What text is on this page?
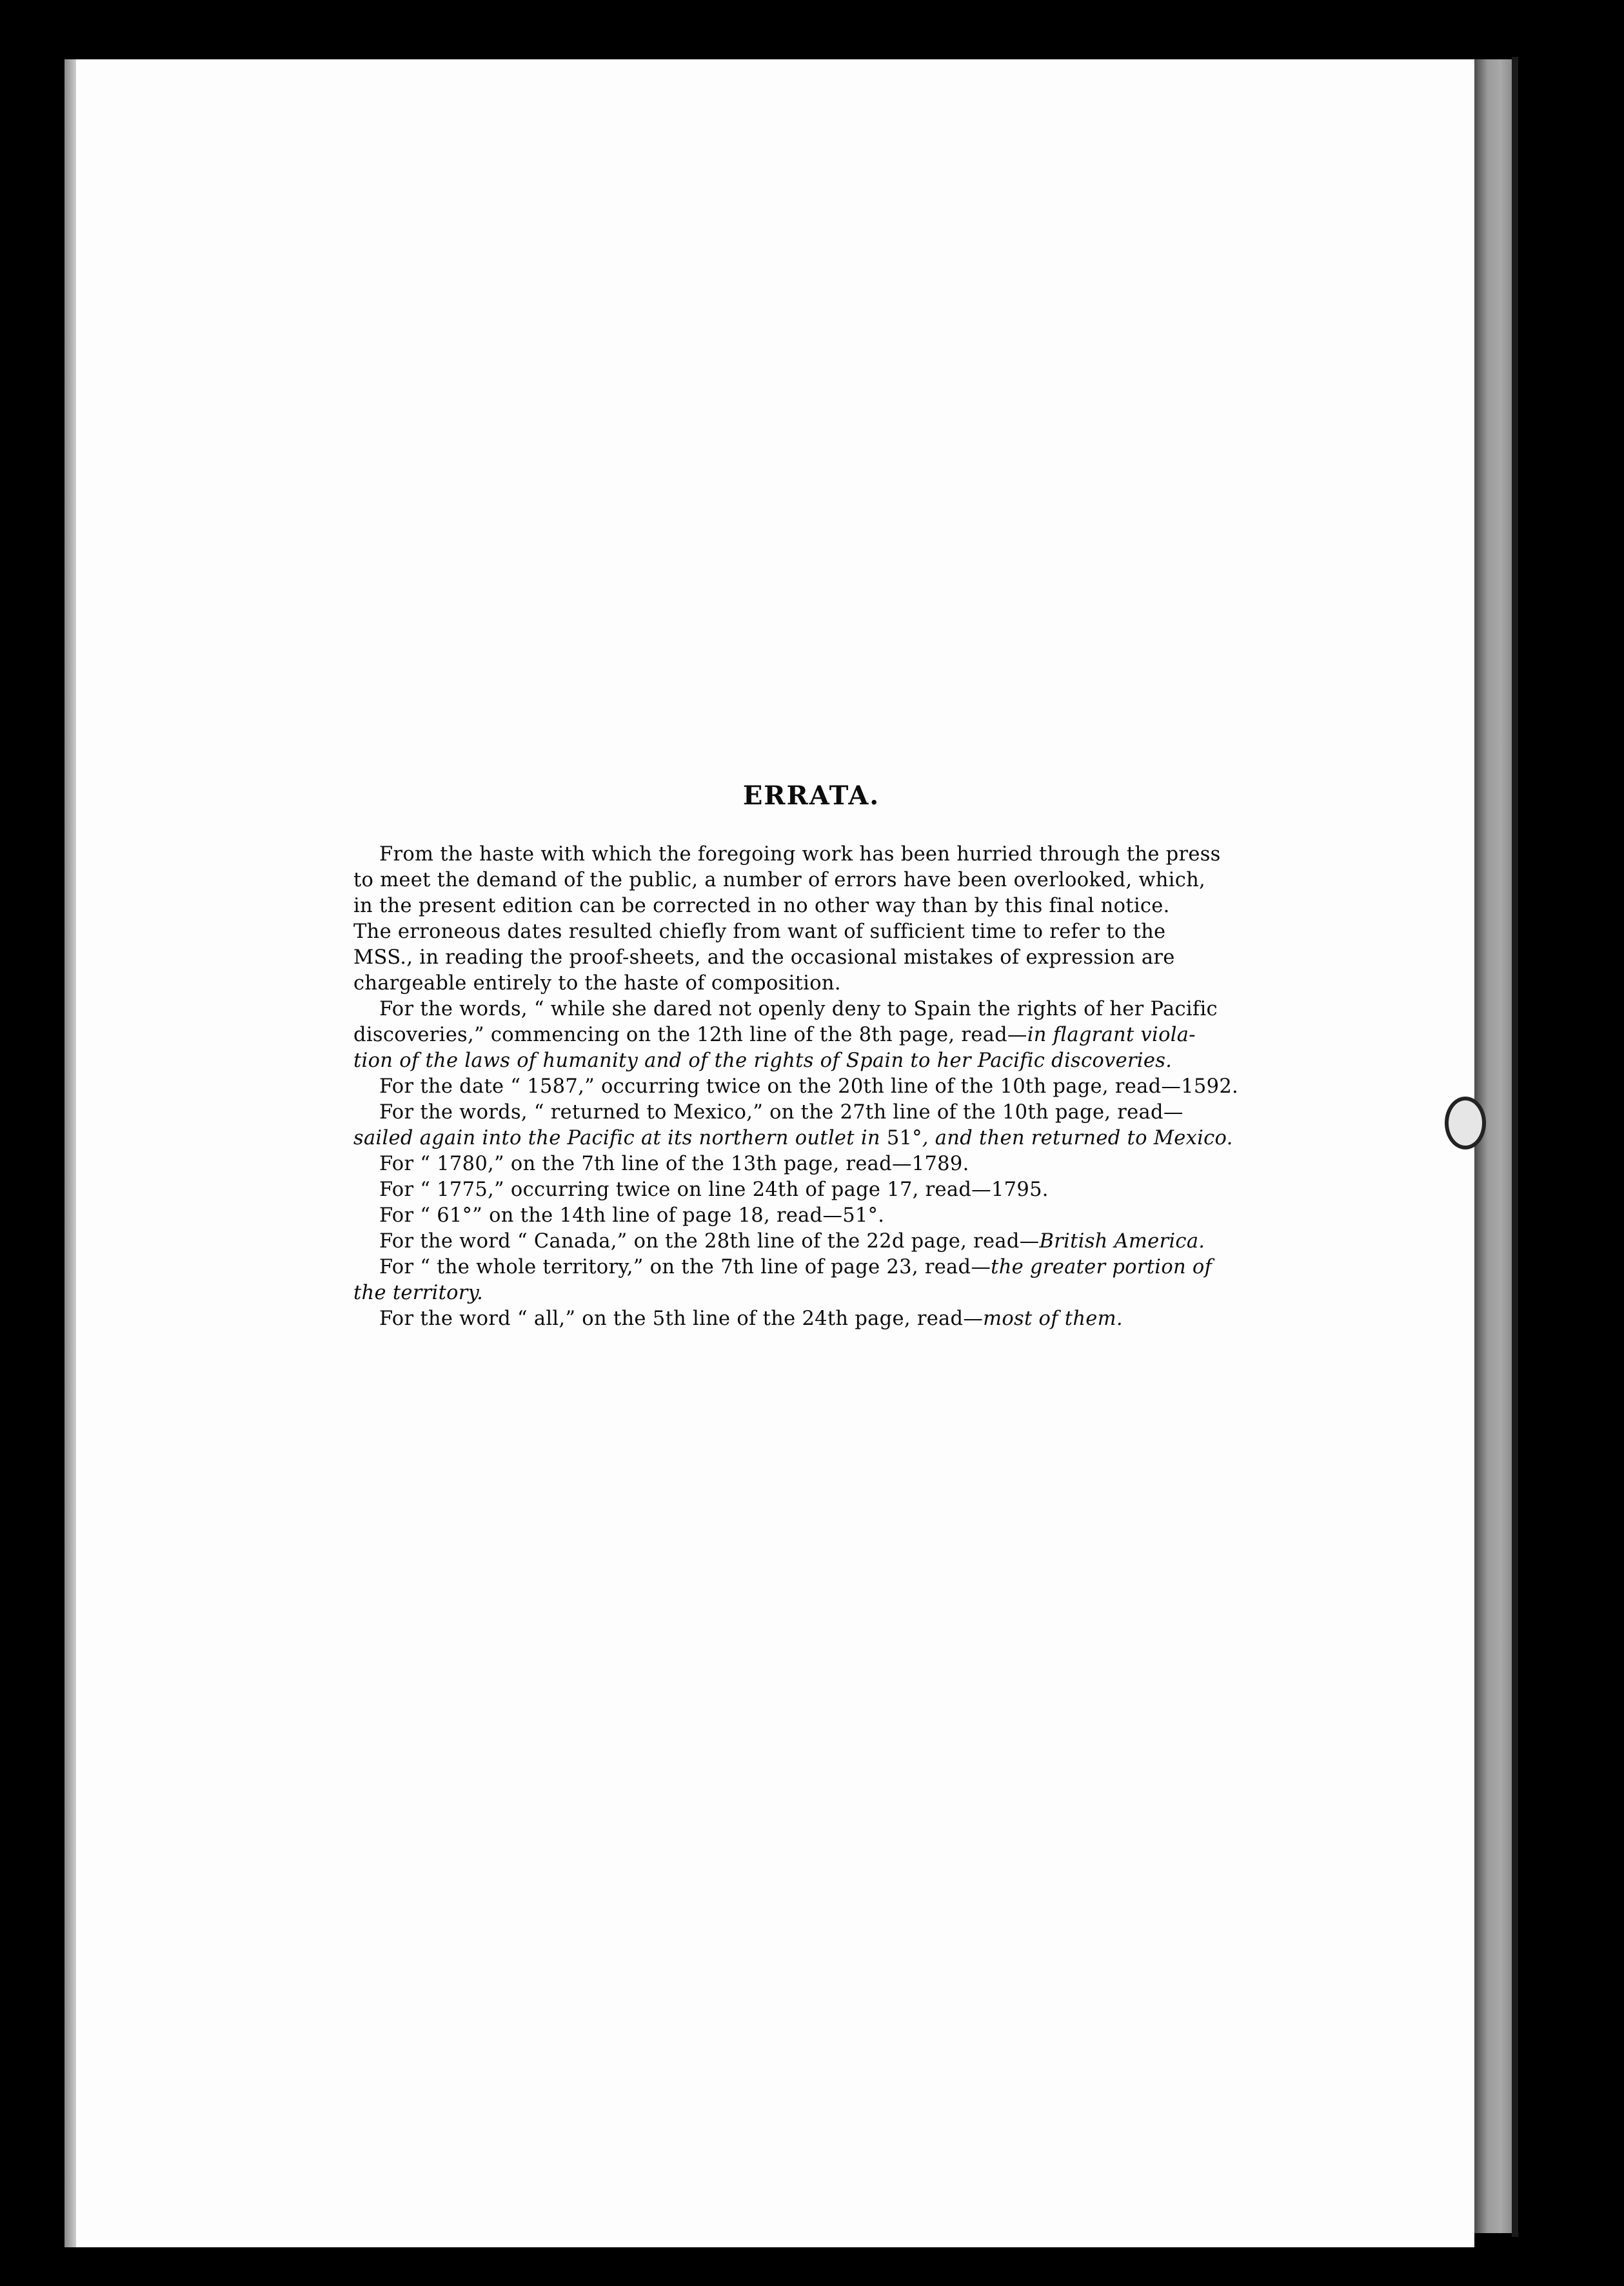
ERRATA.
From the haste with which the foregoing work has been hurried through the press
to meet the demand of the public, a number of errors have been overlooked, which,
in the present edition can be corrected in no other way than by this final notice.
The erroneous dates resulted chiefly from want of sufficient time to refer to the
MSS., in reading the proof-sheets, and the occasional mistakes of expression are
chargeable entirely to the haste of composition.
For the words, “ while she dared not openly deny to Spain the rights of her Pacific
discoveries,” commencing on the 12th line of the 8th page, read—in flagrant viola-
tion of the laws of humanity and of the rights of Spain to her Pacific discoveries.
For the date “ 1587,” occurring twice on the 20th line of the 10th page, read—1592.
For the words, “ returned to Mexico,” on the 27th line of the 10th page, read—
sailed again into the Pacific at its northern outlet in 51°, and then returned to Mexico.
For “ 1780,” on the 7th line of the 13th page, read—1789.
For “ 1775,” occurring twice on line 24th of page 17, read—1795.
For “ 61°” on the 14th line of page 18, read—51°.
For the word “ Canada,” on the 28th line of the 22d page, read—British America.
For “ the whole territory,” on the 7th line of page 23, read—the greater portion of
the territory.
For the word “ all,” on the 5th line of the 24th page, read—most of them.
